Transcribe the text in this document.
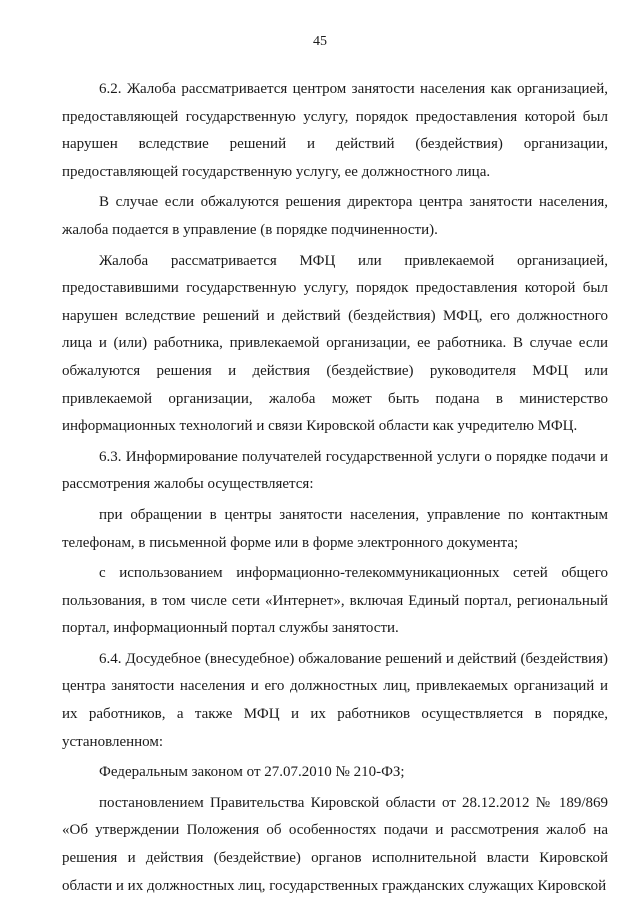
45

6.2. Жалоба рассматривается центром занятости населения как организацией, предоставляющей государственную услугу, порядок предоставления которой был нарушен вследствие решений и действий (бездействия) организации, предоставляющей государственную услугу, ее должностного лица.

В случае если обжалуются решения директора центра занятости населения, жалоба подается в управление (в порядке подчиненности).

Жалоба рассматривается МФЦ или привлекаемой организацией, предоставившими государственную услугу, порядок предоставления которой был нарушен вследствие решений и действий (бездействия) МФЦ, его должностного лица и (или) работника, привлекаемой организации, ее работника. В случае если обжалуются решения и действия (бездействие) руководителя МФЦ или привлекаемой организации, жалоба может быть подана в министерство информационных технологий и связи Кировской области как учредителю МФЦ.

6.3. Информирование получателей государственной услуги о порядке подачи и рассмотрения жалобы осуществляется:

при обращении в центры занятости населения, управление по контактным телефонам, в письменной форме или в форме электронного документа;

с использованием информационно-телекоммуникационных сетей общего пользования, в том числе сети «Интернет», включая Единый портал, региональный портал, информационный портал службы занятости.

6.4. Досудебное (внесудебное) обжалование решений и действий (бездействия) центра занятости населения и его должностных лиц, привлекаемых организаций и их работников, а также МФЦ и их работников осуществляется в порядке, установленном:

Федеральным законом от 27.07.2010 № 210-ФЗ;

постановлением Правительства Кировской области от 28.12.2012 № 189/869 «Об утверждении Положения об особенностях подачи и рассмотрения жалоб на решения и действия (бездействие) органов исполнительной власти Кировской области и их должностных лиц, государственных гражданских служащих Кировской
